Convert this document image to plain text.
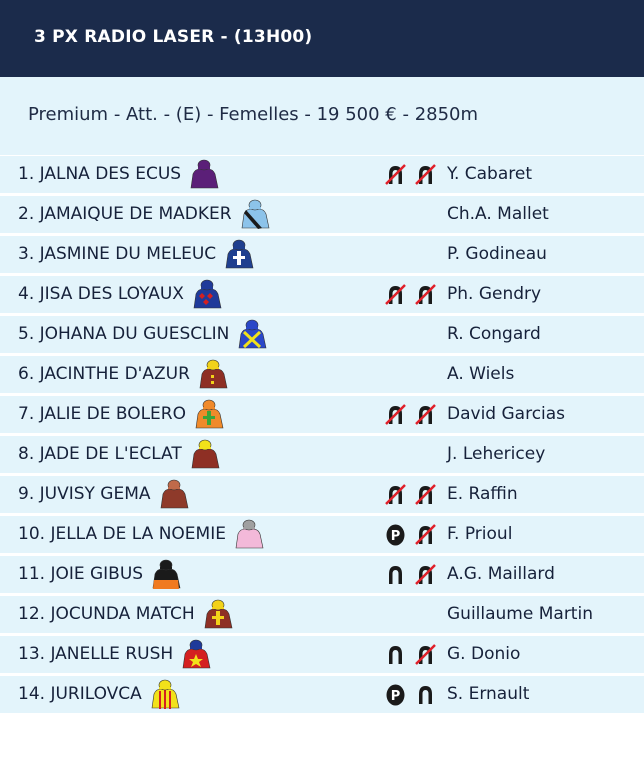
3 PX RADIO LASER - (13H00)
Premium - Att. - (E) - Femelles - 19 500 € - 2850m
1. JALNA DES ECUS	Y. Cabaret
2. JAMAIQUE DE MADKER	Ch.A. Mallet
3. JASMINE DU MELEUC	P. Godineau
4. JISA DES LOYAUX	Ph. Gendry
5. JOHANA DU GUESCLIN	R. Congard
6. JACINTHE D'AZUR	A. Wiels
7. JALIE DE BOLERO	David Garcias
8. JADE DE L'ECLAT	J. Lehericey
9. JUVISY GEMA	E. Raffin
10. JELLA DE LA NOEMIE	P	F. Prioul
11. JOIE GIBUS	A.G. Maillard
12. JOCUNDA MATCH	Guillaume Martin
13. JANELLE RUSH	G. Donio
14. JURILOVCA	P	S. Ernault
